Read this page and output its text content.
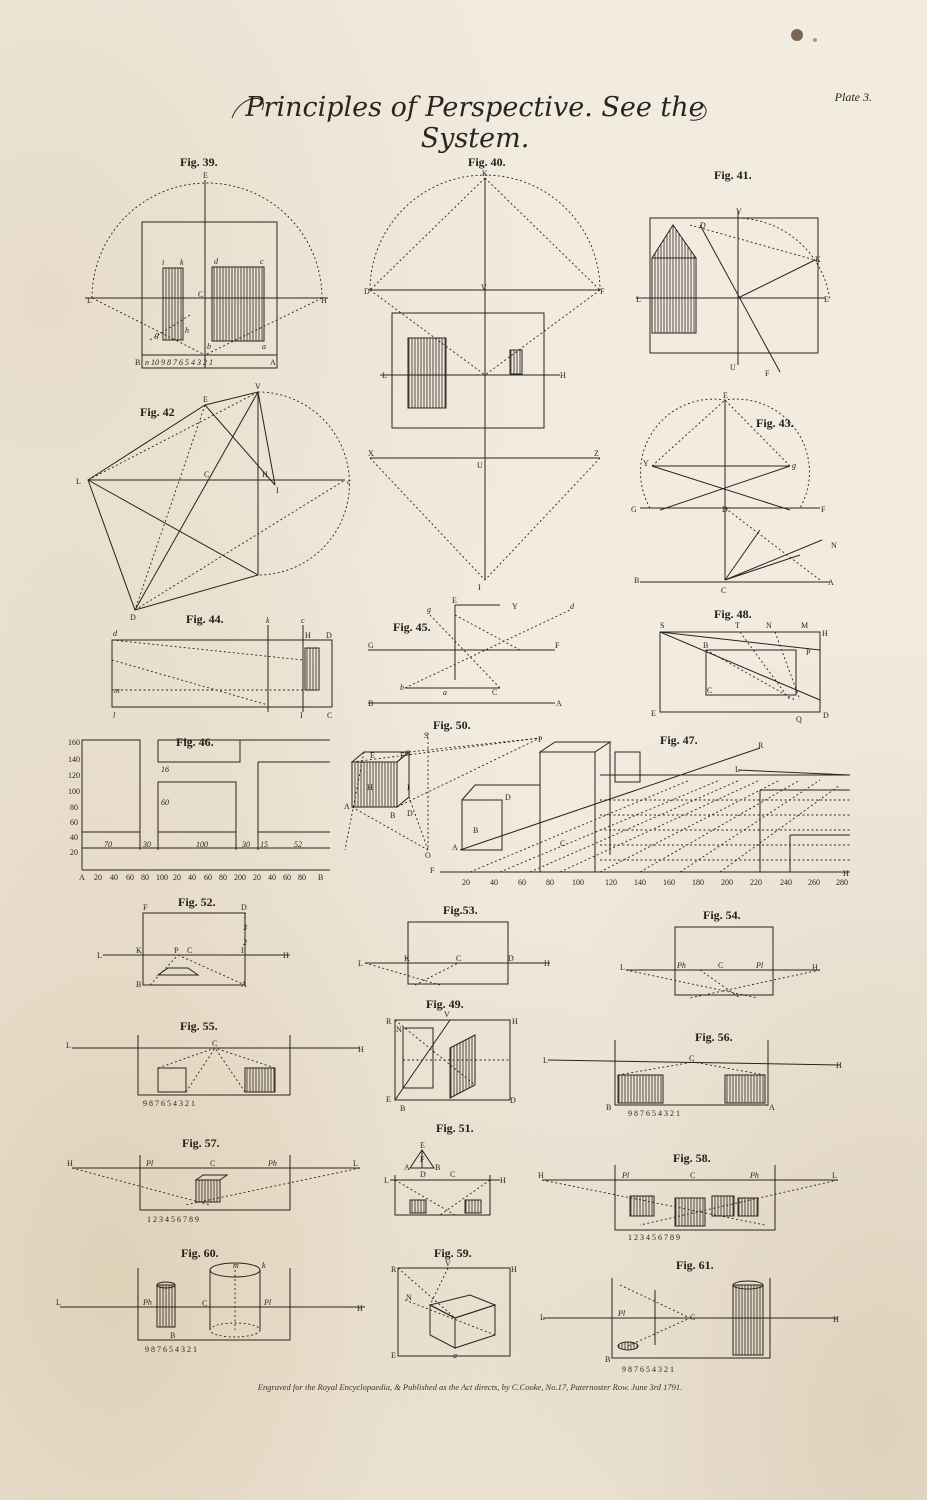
Principles of Perspective. See the System.
Plate 3.
Fig. 39.	Fig. 40.
Fig. 41.
Fig. 42
Fig. 43.
Fig. 44.
Fig. 45.
Fig. 48.
Fig. 46.
Fig. 50.
Fig. 47.
Fig. 52.
Fig.53.	Fig. 54.
Fig. 49.
Fig. 55.
Fig. 56.
Fig. 57.
Fig. 51.
Fig. 58.
Fig. 60.	Fig. 59.
Fig. 61.
E
L	H
C
i k	d	c
g	h
b	a
B	A
n 10 9 8 7 6 5 4 3 2 1
K
D	F
V
L	H
X	Z
U
I
V
D
K
L	E
U
F
E
V
L
C	H
c
I
D
E
Y	g
G	D	F
N
B
C
A
k	c
d	H D
m
l	I	C
g
E
Y	d
G	F
b
a	C
B	A
S	T	N	M
H
P
B
C
E
Q	D
160
140
120
100
80
60
40
20
A 20 40 60 80 100 20 40 60 80 200 20 40 60 80 B
70	30	100	30 15	52
16
60
S	P
E	F G
H	I
A
B D
O
R
L
D
A
B
C
F	H
20	40	60	80 100	120 140 160 180 200 220 240 260 280
F	D
L
K	P C	I
H
B	A
3
2
1
L
K	C	D
H	L	Ph	C	Pl	H
V
H
N
R
E
B
D
L	H
C
9 8 7 6 5 4 3 2 1
L
H
C
B	A
9 8 7 6 5 4 3 2 1
H	Pl	C	Ph	L
1 2 3 4 5 6 7 8 9
E
F
A	B
D
L
C
H
H	Pl	C	Ph	L
1 2 3 4 5 6 7 8 9
L	Ph	C	Pl
H
B
m	k
9 8 7 6 5 4 3 2 1
R
V
H
N
E	a
L	Pl	C	H
B
9 8 7 6 5 4 3 2 1
Engraved for the Royal Encyclopaedia, & Published as the Act directs, by C.Cooke, No.17, Paternoster Row. June 3rd 1791.
